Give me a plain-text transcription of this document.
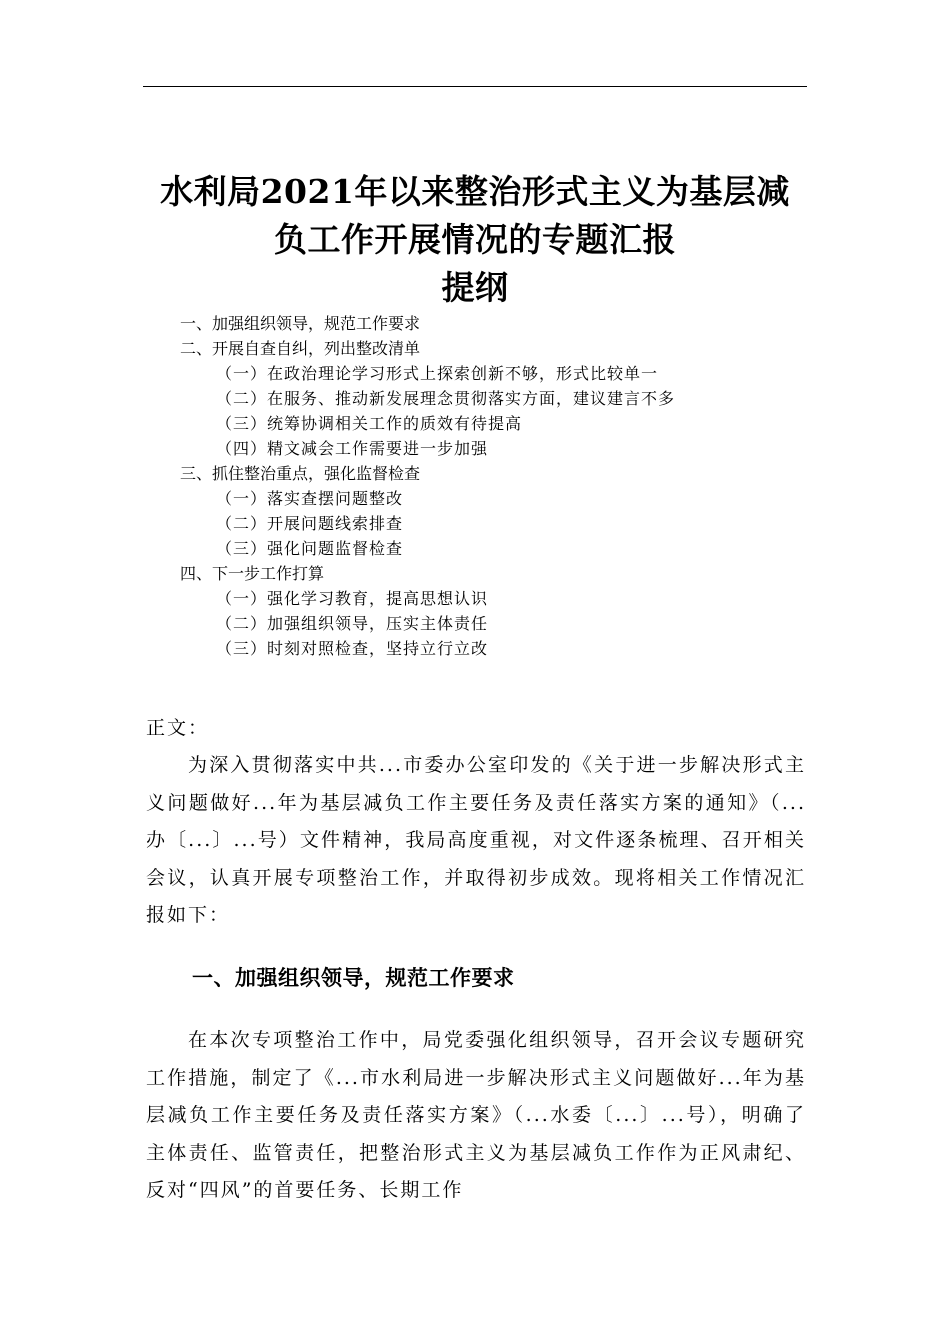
水利局2021年以来整治形式主义为基层减
负工作开展情况的专题汇报
提纲
一、加强组织领导，规范工作要求
二、开展自查自纠，列出整改清单
（一）在政治理论学习形式上探索创新不够，形式比较单一
（二）在服务、推动新发展理念贯彻落实方面，建议建言不多
（三）统筹协调相关工作的质效有待提高
（四）精文减会工作需要进一步加强
三、抓住整治重点，强化监督检查
（一）落实查摆问题整改
（二）开展问题线索排查
（三）强化问题监督检查
四、下一步工作打算
（一）强化学习教育，提高思想认识
（二）加强组织领导，压实主体责任
（三）时刻对照检查，坚持立行立改
正文：
为深入贯彻落实中共...市委办公室印发的《关于进一步解决形式主义问题做好...年为基层减负工作主要任务及责任落实方案的通知》（...办〔...〕...号）文件精神，我局高度重视，对文件逐条梳理、召开相关会议，认真开展专项整治工作，并取得初步成效。现将相关工作情况汇报如下：
一、加强组织领导，规范工作要求
在本次专项整治工作中，局党委强化组织领导，召开会议专题研究工作措施，制定了《...市水利局进一步解决形式主义问题做好...年为基层减负工作主要任务及责任落实方案》（...水委〔...〕...号），明确了主体责任、监管责任，把整治形式主义为基层减负工作作为正风肃纪、反对“四风”的首要任务、长期工作
